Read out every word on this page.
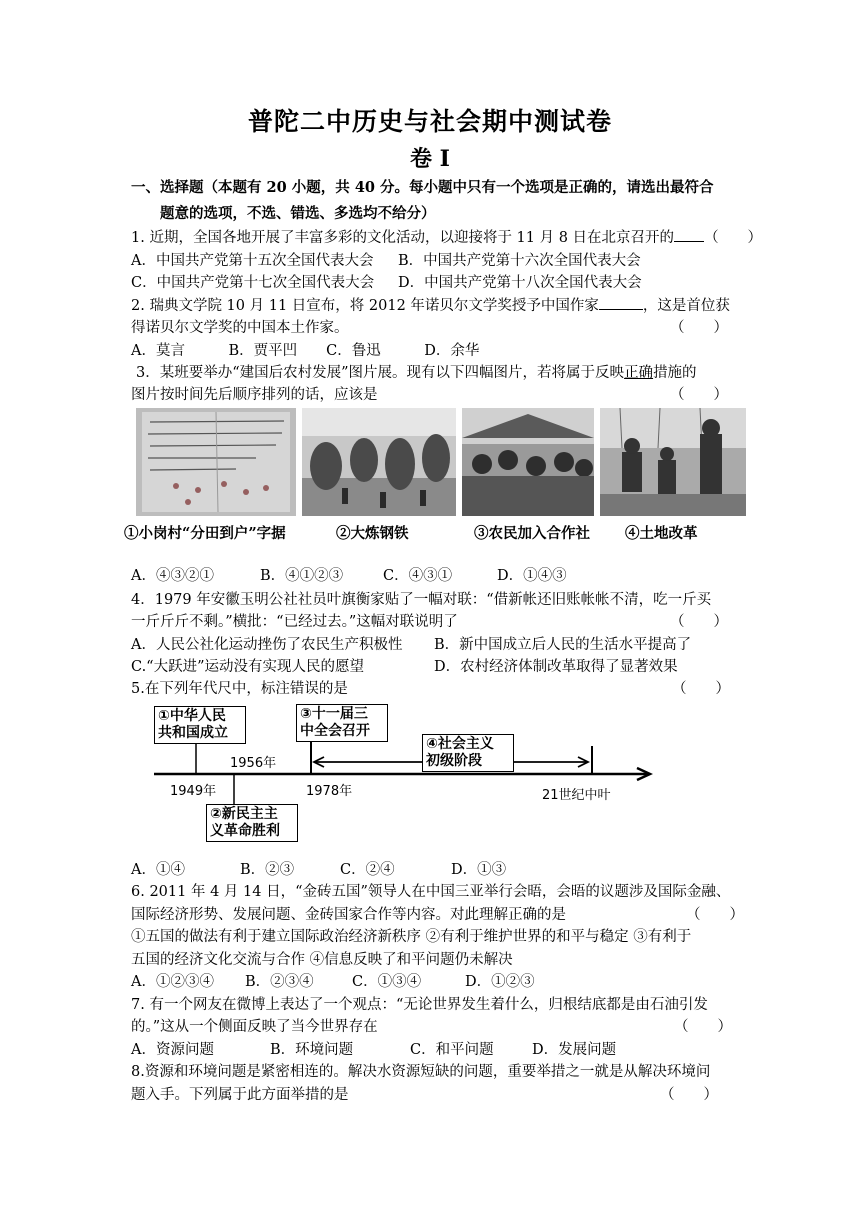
普陀二中历史与社会期中测试卷
卷 I
一、选择题（本题有 20 小题，共 40 分。每小题中只有一个选项是正确的，请选出最符合
题意的选项，不选、错选、多选均不给分）
1. 近期，全国各地开展了丰富多彩的文化活动，以迎接将于 11 月 8 日在北京召开的 （　　）
A．中国共产党第十五次全国代表大会 B．中国共产党第十六次全国代表大会
C．中国共产党第十七次全国代表大会 D．中国共产党第十八次全国代表大会
2. 瑞典文学院 10 月 11 日宣布，将 2012 年诺贝尔文学奖授予中国作家	，这是首位获
得诺贝尔文学奖的中国本土作家。	（　　）
A．莫言　　　B．贾平凹　　C．鲁迅　　　D．余华
3．某班要举办“建国后农村发展”图片展。现有以下四幅图片，若将属于反映正确措施的
图片按时间先后顺序排列的话，应该是	（　　）
①小岗村“分田到户”字据	②大炼钢铁	③农民加入合作社 ④土地改革
A．④③②①	B．④①②③	C．④③①	D．①④③
4．1979 年安徽玉明公社社员叶旗衡家贴了一幅对联：“借新帐还旧账帐帐不清，吃一斤买
一斤斤斤不剩。”横批：“已经过去。”这幅对联说明了	（　　）
A．人民公社化运动挫伤了农民生产积极性 B．新中国成立后人民的生活水平提高了
C.“大跃进”运动没有实现人民的愿望	D．农村经济体制改革取得了显著效果
5.在下列年代尺中，标注错误的是	（　　）
①中华人民
共和国成立
③十一届三
中全会召开
④社会主义
初级阶段
②新民主主
义革命胜利
1956年
1949年	1978年	21世纪中叶
A．①④	B．②③	C．②④	D．①③
6. 2011 年 4 月 14 日，“金砖五国”领导人在中国三亚举行会晤，会晤的议题涉及国际金融、
国际经济形势、发展问题、金砖国家合作等内容。对此理解正确的是	（　　）
①五国的做法有利于建立国际政治经济新秩序 ②有利于维护世界的和平与稳定 ③有利于
五国的经济文化交流与合作 ④信息反映了和平问题仍未解决
A．①②③④ B．②③④	C．①③④	D．①②③
7. 有一个网友在微博上表达了一个观点：“无论世界发生着什么，归根结底都是由石油引发
的。”这从一个侧面反映了当今世界存在	（　　）
A．资源问题	B．环境问题	C．和平问题	D．发展问题
8.资源和环境问题是紧密相连的。解决水资源短缺的问题，重要举措之一就是从解决环境问
题入手。下列属于此方面举措的是	（　　）
